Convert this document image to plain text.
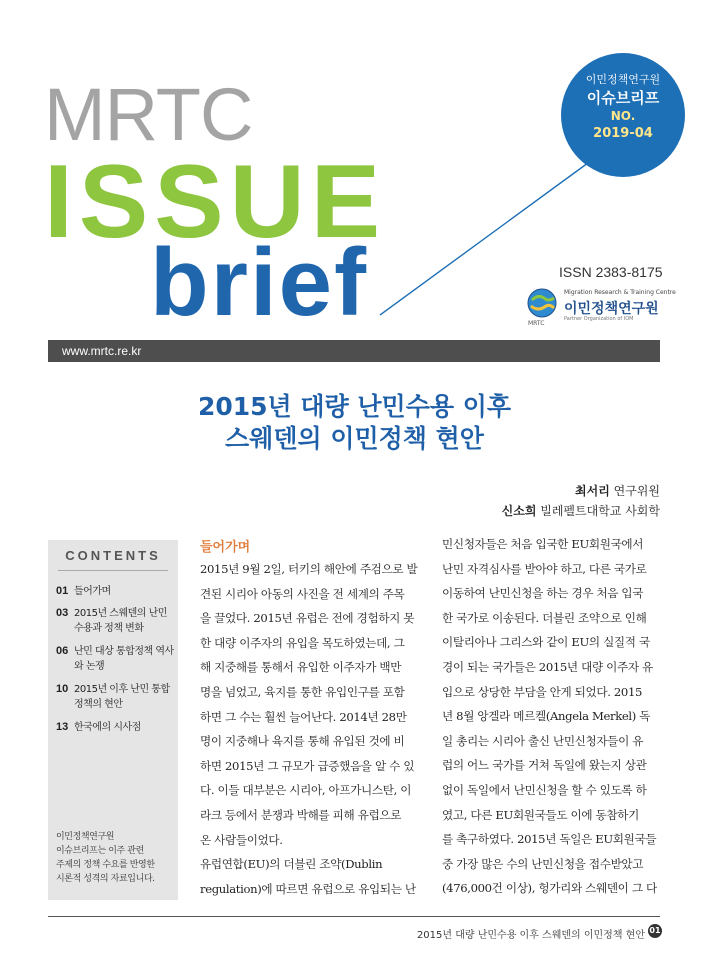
MRTC
ISSUE
brief
이민정책연구원
이슈브리프
NO.
2019-04
ISSN 2383-8175
MRTC
Migration Research & Training Centre
이민정책연구원
Partner Organization of IOM
www.mrtc.re.kr
2015년 대량 난민수용 이후
스웨덴의 이민정책 현안
최서리 연구위원
신소희 빌레펠트대학교 사회학
CONTENTS
01 들어가며
03 2015년 스웨덴의 난민 수용과 정책 변화
06 난민 대상 통합정책 역사와 논쟁
10 2015년 이후 난민 통합정책의 현안
13 한국에의 시사점
이민정책연구원
이슈브리프는 이주 관련
주제의 정책 수요를 반영한
시론적 성격의 자료입니다.
들어가며
2015년 9월 2일, 터키의 해안에 주검으로 발
견된 시리아 아동의 사진을 전 세계의 주목
을 끌었다. 2015년 유럽은 전에 경험하지 못
한 대량 이주자의 유입을 목도하였는데, 그
해 지중해를 통해서 유입한 이주자가 백만
명을 넘었고, 육지를 통한 유입인구를 포함
하면 그 수는 훨씬 늘어난다. 2014년 28만
명이 지중해나 육지를 통해 유입된 것에 비
하면 2015년 그 규모가 급증했음을 알 수 있
다. 이들 대부분은 시리아, 아프가니스탄, 이
라크 등에서 분쟁과 박해를 피해 유럽으로
온 사람들이었다.
유럽연합(EU)의 더블린 조약(Dublin
regulation)에 따르면 유럽으로 유입되는 난
민신청자들은 처음 입국한 EU회원국에서
난민 자격심사를 받아야 하고, 다른 국가로
이동하여 난민신청을 하는 경우 처음 입국
한 국가로 이송된다. 더블린 조약으로 인해
이탈리아나 그리스와 같이 EU의 실질적 국
경이 되는 국가들은 2015년 대량 이주자 유
입으로 상당한 부담을 안게 되었다. 2015
년 8월 앙겔라 메르켈(Angela Merkel) 독
일 총리는 시리아 출신 난민신청자들이 유
럽의 어느 국가를 거쳐 독일에 왔는지 상관
없이 독일에서 난민신청을 할 수 있도록 하
였고, 다른 EU회원국들도 이에 동참하기
를 촉구하였다. 2015년 독일은 EU회원국들
중 가장 많은 수의 난민신청을 접수받았고
(476,000건 이상), 헝가리와 스웨덴이 그 다
2015년 대량 난민수용 이후 스웨덴의 이민정책 현안 01
